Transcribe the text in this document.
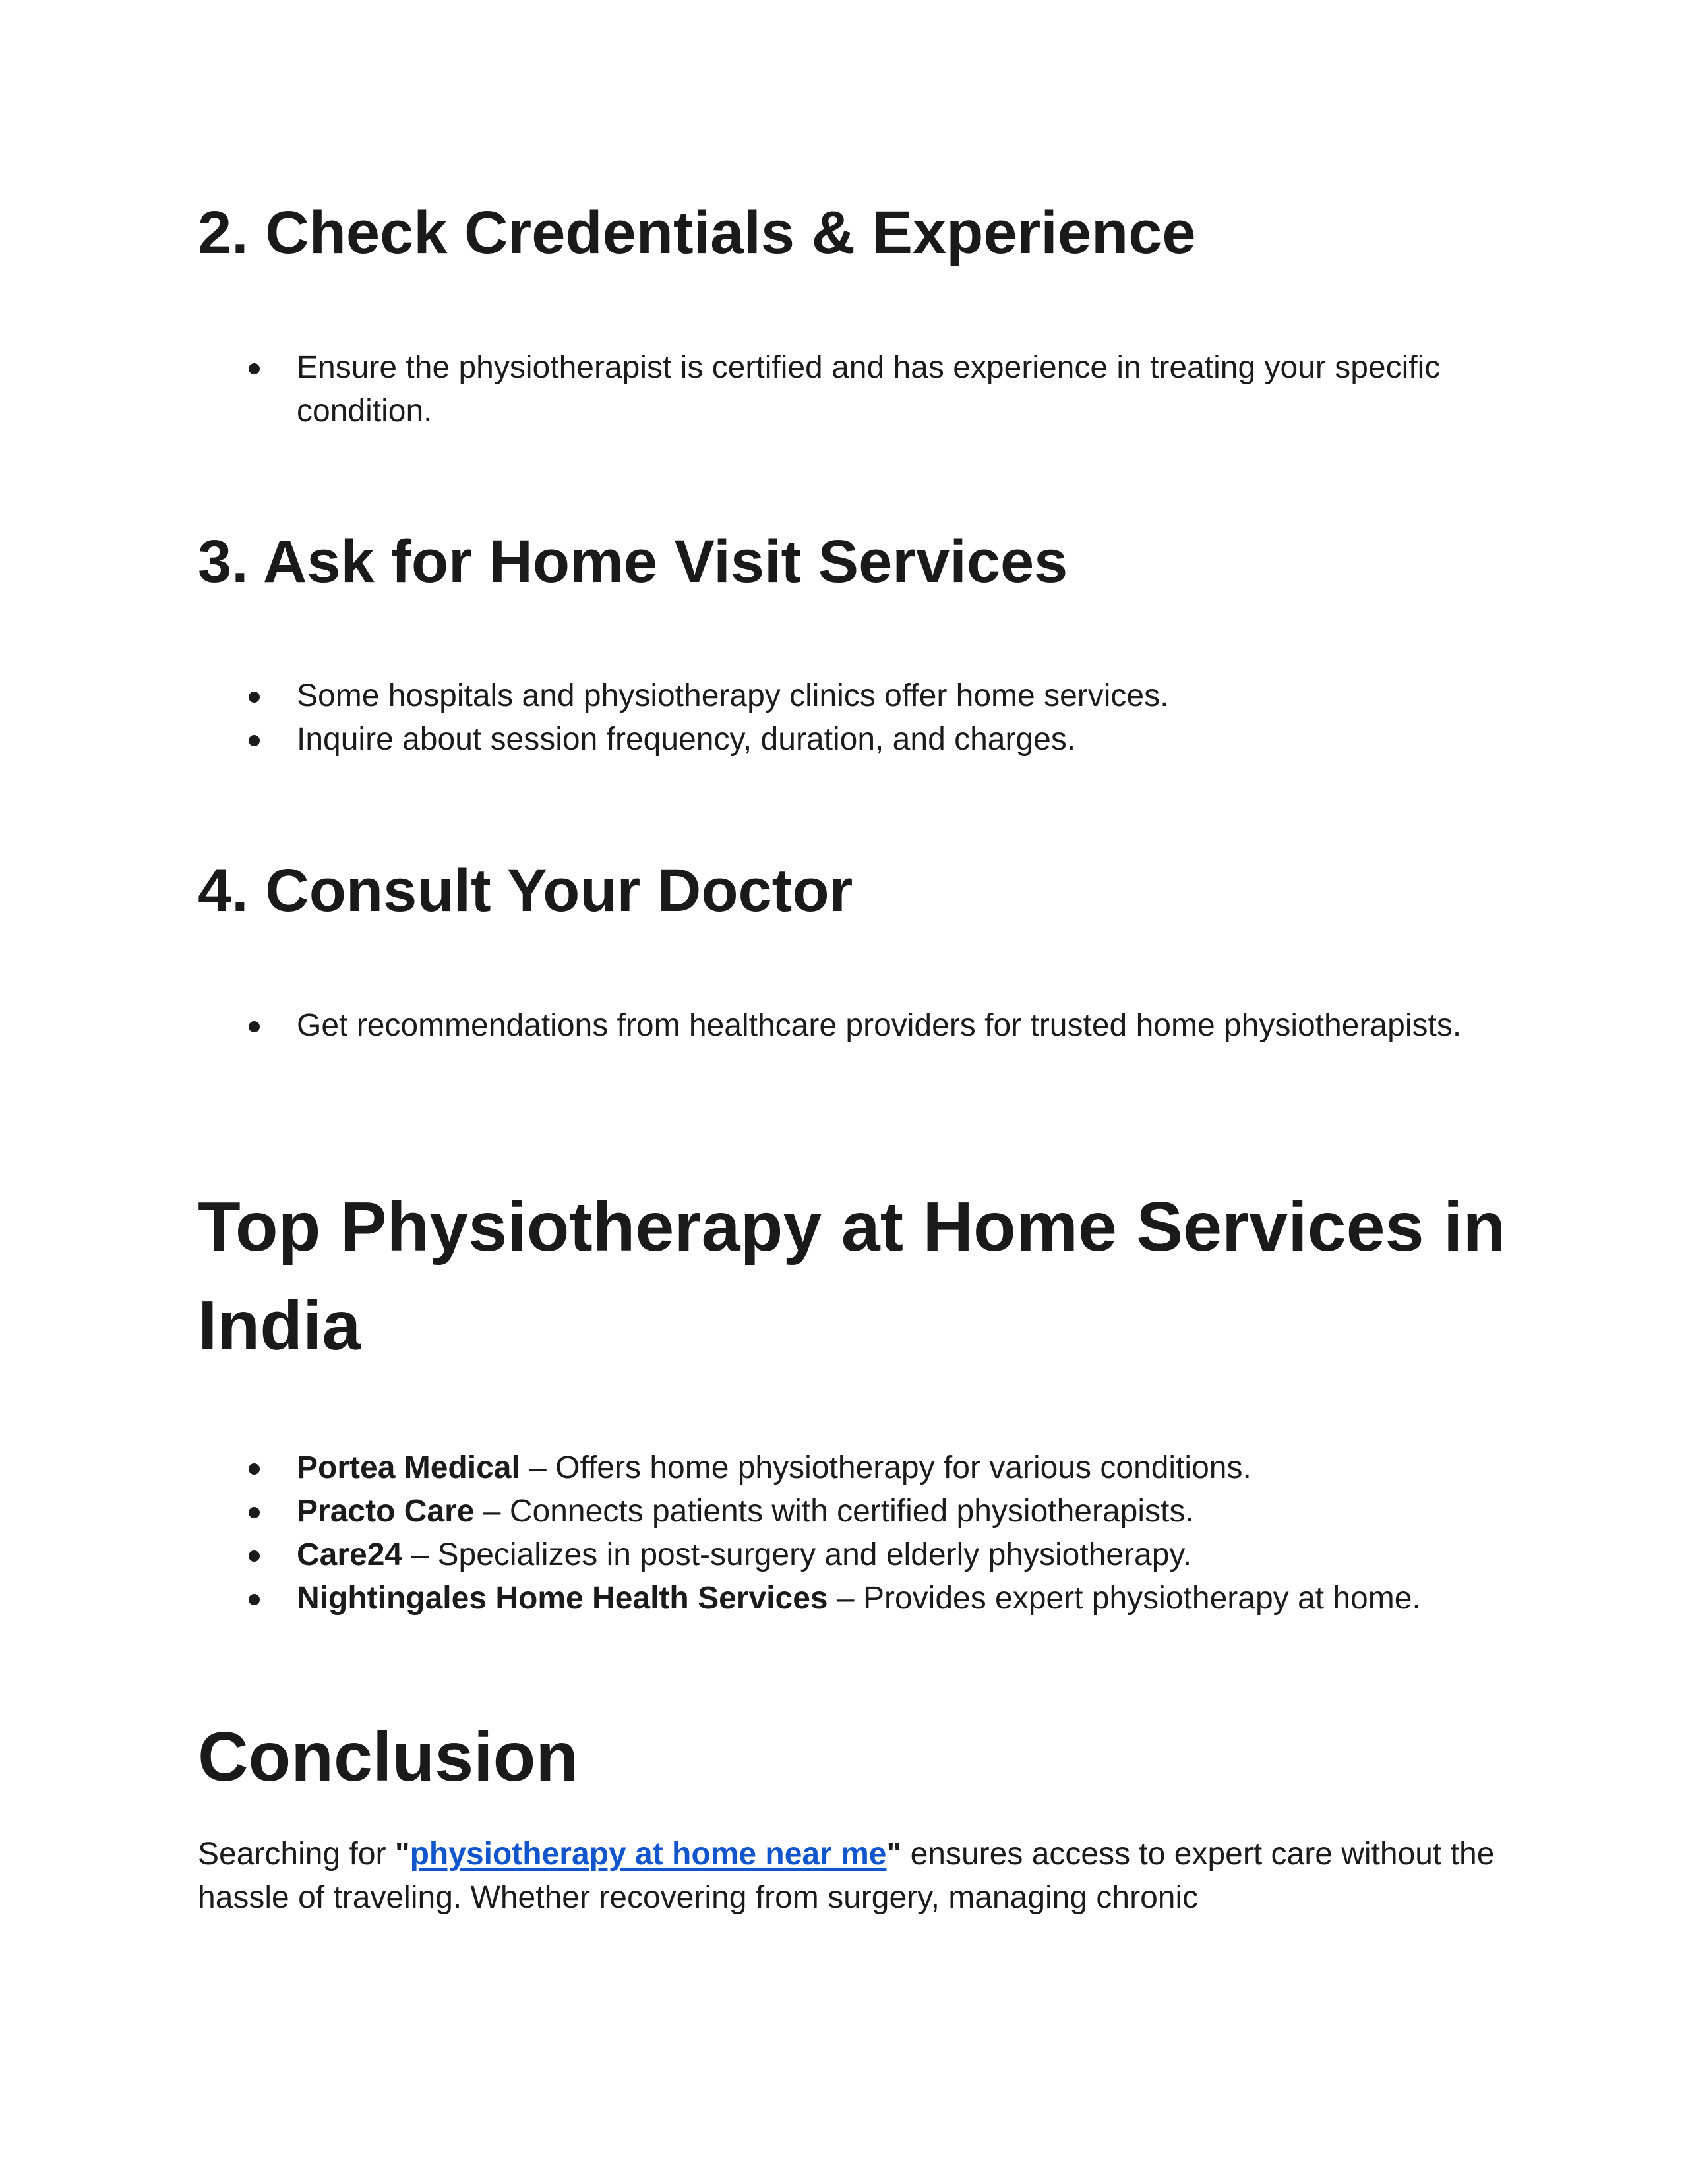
2. Check Credentials & Experience
Ensure the physiotherapist is certified and has experience in treating your specific condition.
3. Ask for Home Visit Services
Some hospitals and physiotherapy clinics offer home services.
Inquire about session frequency, duration, and charges.
4. Consult Your Doctor
Get recommendations from healthcare providers for trusted home physiotherapists.
Top Physiotherapy at Home Services in India
Portea Medical – Offers home physiotherapy for various conditions.
Practo Care – Connects patients with certified physiotherapists.
Care24 – Specializes in post-surgery and elderly physiotherapy.
Nightingales Home Health Services – Provides expert physiotherapy at home.
Conclusion

Searching for "physiotherapy at home near me" ensures access to expert care without the hassle of traveling. Whether recovering from surgery, managing chronic
